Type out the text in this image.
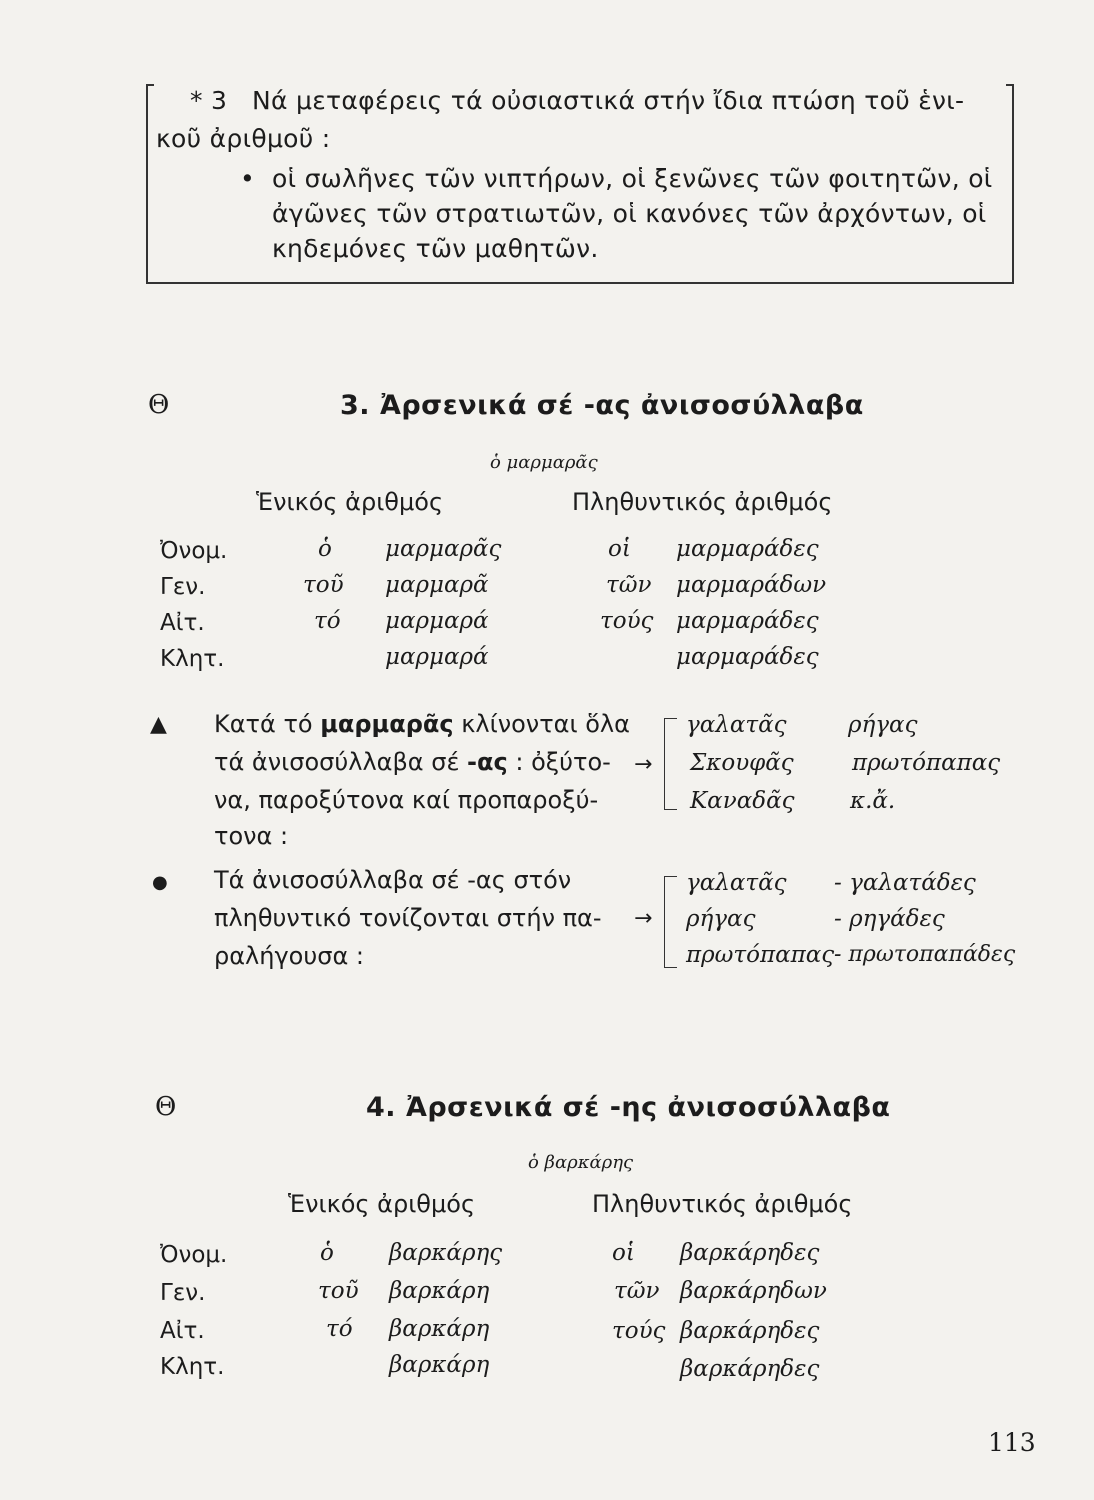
* 3 Νά μεταφέρεις τά οὐσιαστικά στήν ἴδια πτώση τοῦ ἑνι-
κοῦ ἀριθμοῦ :
• οἱ σωλῆνες τῶν νιπτήρων, οἱ ξενῶνες τῶν φοιτητῶν, οἱ
ἀγῶνες τῶν στρατιωτῶν, οἱ κανόνες τῶν ἀρχόντων, οἱ
κηδεμόνες τῶν μαθητῶν.
Θ	3. Ἀρσενικά σέ -ας ἀνισοσύλλαβα
ὁ μαρμαρᾶς
Ἑνικός ἀριθμός	Πληθυντικός ἀριθμός
Ὀνομ.	ὁ μαρμαρᾶς	οἱ μαρμαράδες
Γεν.	τοῦ μαρμαρᾶ	τῶν μαρμαράδων
Αἰτ.	τό μαρμαρά	τούς μαρμαράδες
Κλητ.	μαρμαρά	μαρμαράδες
▲ Κατά τό μαρμαρᾶς κλίνονται ὅλα
τά ἀνισοσύλλαβα σέ -ας : ὀξύτο-
να, παροξύτονα καί προπαροξύ-
τονα :
→
γαλατᾶς	ρήγας
Σκουφᾶς	πρωτόπαπας
Καναδᾶς κ.ἄ.
● Τά ἀνισοσύλλαβα σέ -ας στόν
πληθυντικό τονίζονται στήν πα-
ραλήγουσα :
→
γαλατᾶς - γαλατάδες
ρήγας	- ρηγάδες
πρωτόπαπας - πρωτοπαπάδες
Θ	4. Ἀρσενικά σέ -ης ἀνισοσύλλαβα
ὁ βαρκάρης
Ἑνικός ἀριθμός	Πληθυντικός ἀριθμός
Ὀνομ.	ὁ βαρκάρης	οἱ βαρκάρηδες
Γεν.	τοῦ βαρκάρη	τῶν βαρκάρηδων
Αἰτ.	τό βαρκάρη	τούς βαρκάρηδες
Κλητ.	βαρκάρη	βαρκάρηδες
113
